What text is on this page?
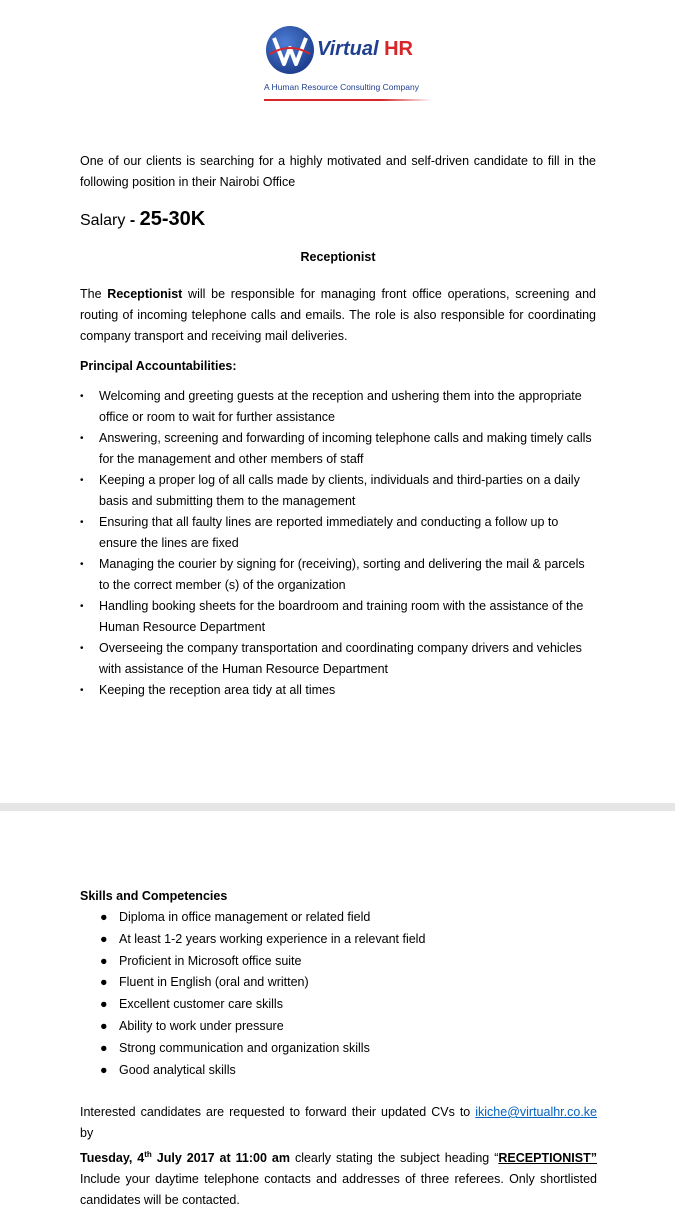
Virtual HR
A Human Resource Consulting Company
One of our clients is searching for a highly motivated and self-driven candidate to fill in the
following position in their Nairobi Office
Salary - 25-30K
Receptionist
The Receptionist will be responsible for managing front office operations, screening and routing of incoming telephone calls and emails. The role is also responsible for coordinating company transport and receiving mail deliveries.
Principal Accountabilities:
• Welcoming and greeting guests at the reception and ushering them into the appropriate office or room to wait for further assistance
• Answering, screening and forwarding of incoming telephone calls and making timely calls for the management and other members of staff
• Keeping a proper log of all calls made by clients, individuals and third-parties on a daily basis and submitting them to the management
• Ensuring that all faulty lines are reported immediately and conducting a follow up to ensure the lines are fixed
• Managing the courier by signing for (receiving), sorting and delivering the mail & parcels to the correct member (s) of the organization
• Handling booking sheets for the boardroom and training room with the assistance of the Human Resource Department
• Overseeing the company transportation and coordinating company drivers and vehicles with assistance of the Human Resource Department
• Keeping the reception area tidy at all times
Skills and Competencies
● Diploma in office management or related field
● At least 1-2 years working experience in a relevant field
● Proficient in Microsoft office suite
● Fluent in English (oral and written)
● Excellent customer care skills
● Ability to work under pressure
● Strong communication and organization skills
● Good analytical skills
Interested candidates are requested to forward their updated CVs to ikiche@virtualhr.co.ke by
Tuesday, 4th July 2017 at 11:00 am clearly stating the subject heading “RECEPTIONIST”
Include your daytime telephone contacts and addresses of three referees. Only shortlisted
candidates will be contacted.
